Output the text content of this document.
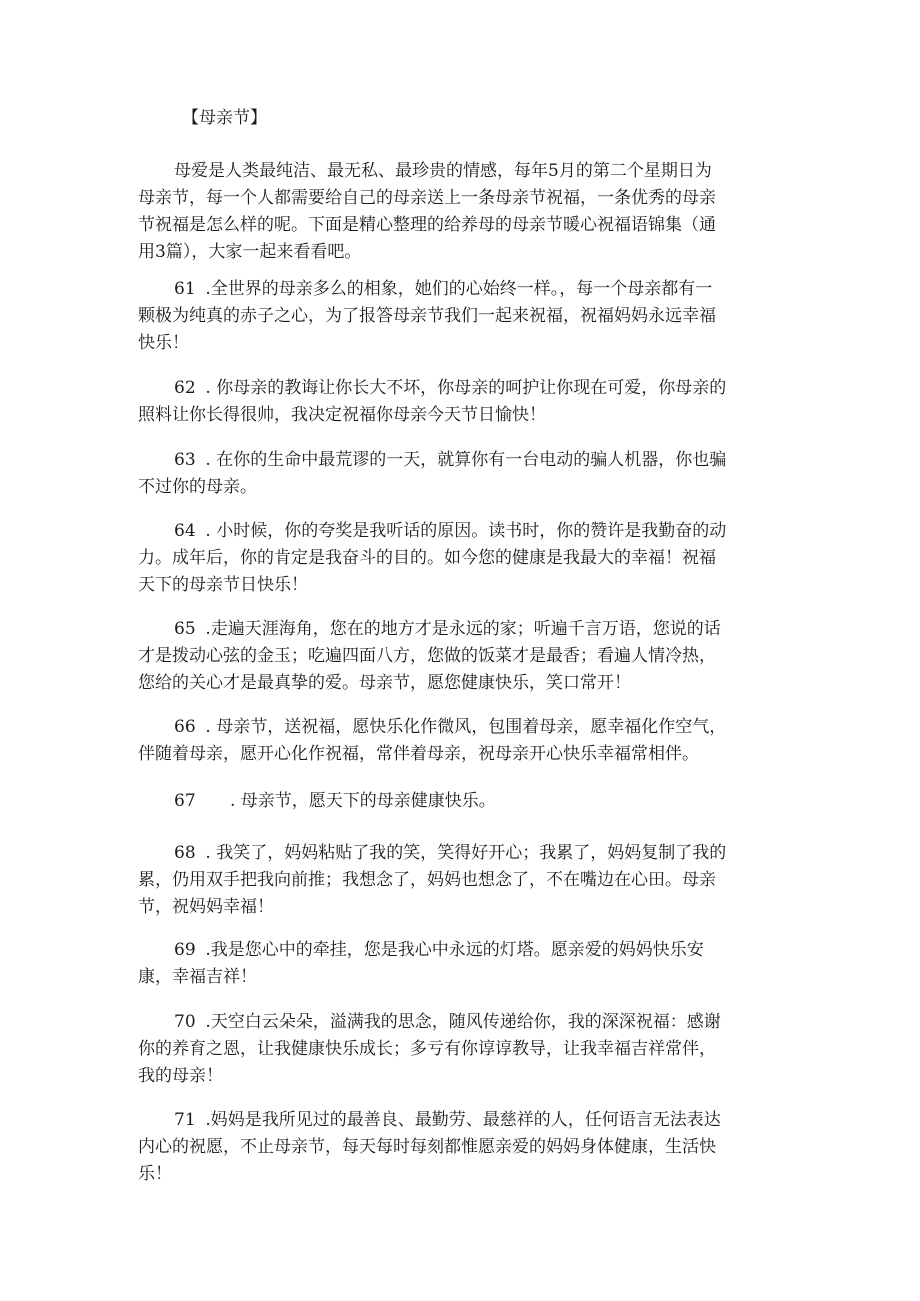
【母亲节】
母爱是人类最纯洁、最无私、最珍贵的情感，每年5月的第二个星期日为
母亲节，每一个人都需要给自己的母亲送上一条母亲节祝福，一条优秀的母亲
节祝福是怎么样的呢。下面是精心整理的给养母的母亲节暖心祝福语锦集（通
用3篇），大家一起来看看吧。
61 .全世界的母亲多么的相象，她们的心始终一样。，每一个母亲都有一
颗极为纯真的赤子之心，为了报答母亲节我们一起来祝福，祝福妈妈永远幸福
快乐！
62 . 你母亲的教诲让你长大不坏，你母亲的呵护让你现在可爱，你母亲的
照料让你长得很帅，我决定祝福你母亲今天节日愉快！
63 . 在你的生命中最荒谬的一天，就算你有一台电动的骗人机器，你也骗
不过你的母亲。
64 . 小时候，你的夸奖是我听话的原因。读书时，你的赞许是我勤奋的动
力。成年后，你的肯定是我奋斗的目的。如今您的健康是我最大的幸福！祝福
天下的母亲节日快乐！
65 .走遍天涯海角，您在的地方才是永远的家；听遍千言万语，您说的话
才是拨动心弦的金玉；吃遍四面八方，您做的饭菜才是最香；看遍人情冷热，
您给的关心才是最真挚的爱。母亲节，愿您健康快乐，笑口常开！
66 . 母亲节，送祝福，愿快乐化作微风，包围着母亲，愿幸福化作空气，
伴随着母亲，愿开心化作祝福，常伴着母亲，祝母亲开心快乐幸福常相伴。
67 . 母亲节，愿天下的母亲健康快乐。
68 . 我笑了，妈妈粘贴了我的笑，笑得好开心；我累了，妈妈复制了我的
累，仍用双手把我向前推；我想念了，妈妈也想念了，不在嘴边在心田。母亲
节，祝妈妈幸福！
69 .我是您心中的牵挂，您是我心中永远的灯塔。愿亲爱的妈妈快乐安
康，幸福吉祥！
70 .天空白云朵朵，溢满我的思念，随风传递给你，我的深深祝福：感谢
你的养育之恩，让我健康快乐成长；多亏有你谆谆教导，让我幸福吉祥常伴，
我的母亲！
71 .妈妈是我所见过的最善良、最勤劳、最慈祥的人，任何语言无法表达
内心的祝愿，不止母亲节，每天每时每刻都惟愿亲爱的妈妈身体健康，生活快
乐！
